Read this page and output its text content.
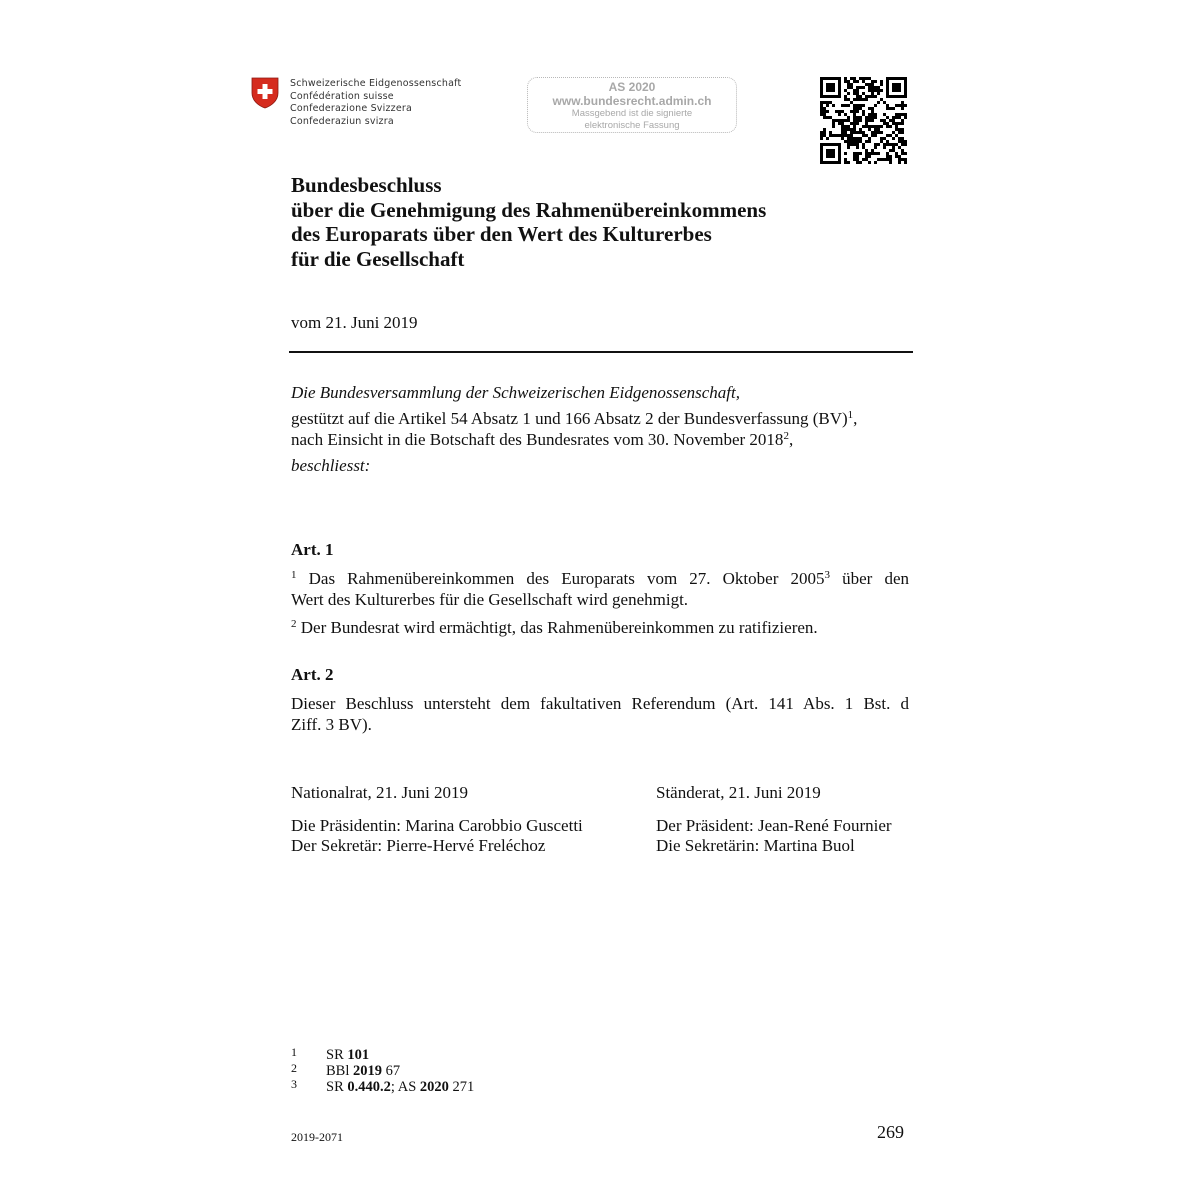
Schweizerische Eidgenossenschaft
Confédération suisse
Confederazione Svizzera
Confederaziun svizra
AS 2020
www.bundesrecht.admin.ch
Massgebend ist die signierte
elektronische Fassung
Bundesbeschluss
über die Genehmigung des Rahmenübereinkommens
des Europarats über den Wert des Kulturerbes
für die Gesellschaft
vom 21. Juni 2019
Die Bundesversammlung der Schweizerischen Eidgenossenschaft,
gestützt auf die Artikel 54 Absatz 1 und 166 Absatz 2 der Bundesverfassung (BV)$^1$,
nach Einsicht in die Botschaft des Bundesrates vom 30. November 2018$^2$,
beschliesst:
Art. 1
$^1$ Das Rahmenübereinkommen des Europarats vom 27. Oktober 2005$^3$ über den
Wert des Kulturerbes für die Gesellschaft wird genehmigt.
$^2$ Der Bundesrat wird ermächtigt, das Rahmenübereinkommen zu ratifizieren.
Art. 2
Dieser Beschluss untersteht dem fakultativen Referendum (Art. 141 Abs. 1 Bst. d
Ziff. 3 BV).
Nationalrat, 21. Juni 2019
Die Präsidentin: Marina Carobbio Guscetti
Der Sekretär: Pierre-Hervé Freléchoz
Ständerat, 21. Juni 2019
Der Präsident: Jean-René Fournier
Die Sekretärin: Martina Buol
1	SR 101
2	BBl 2019 67
3	SR 0.440.2; AS 2020 271
2019-2071	269
